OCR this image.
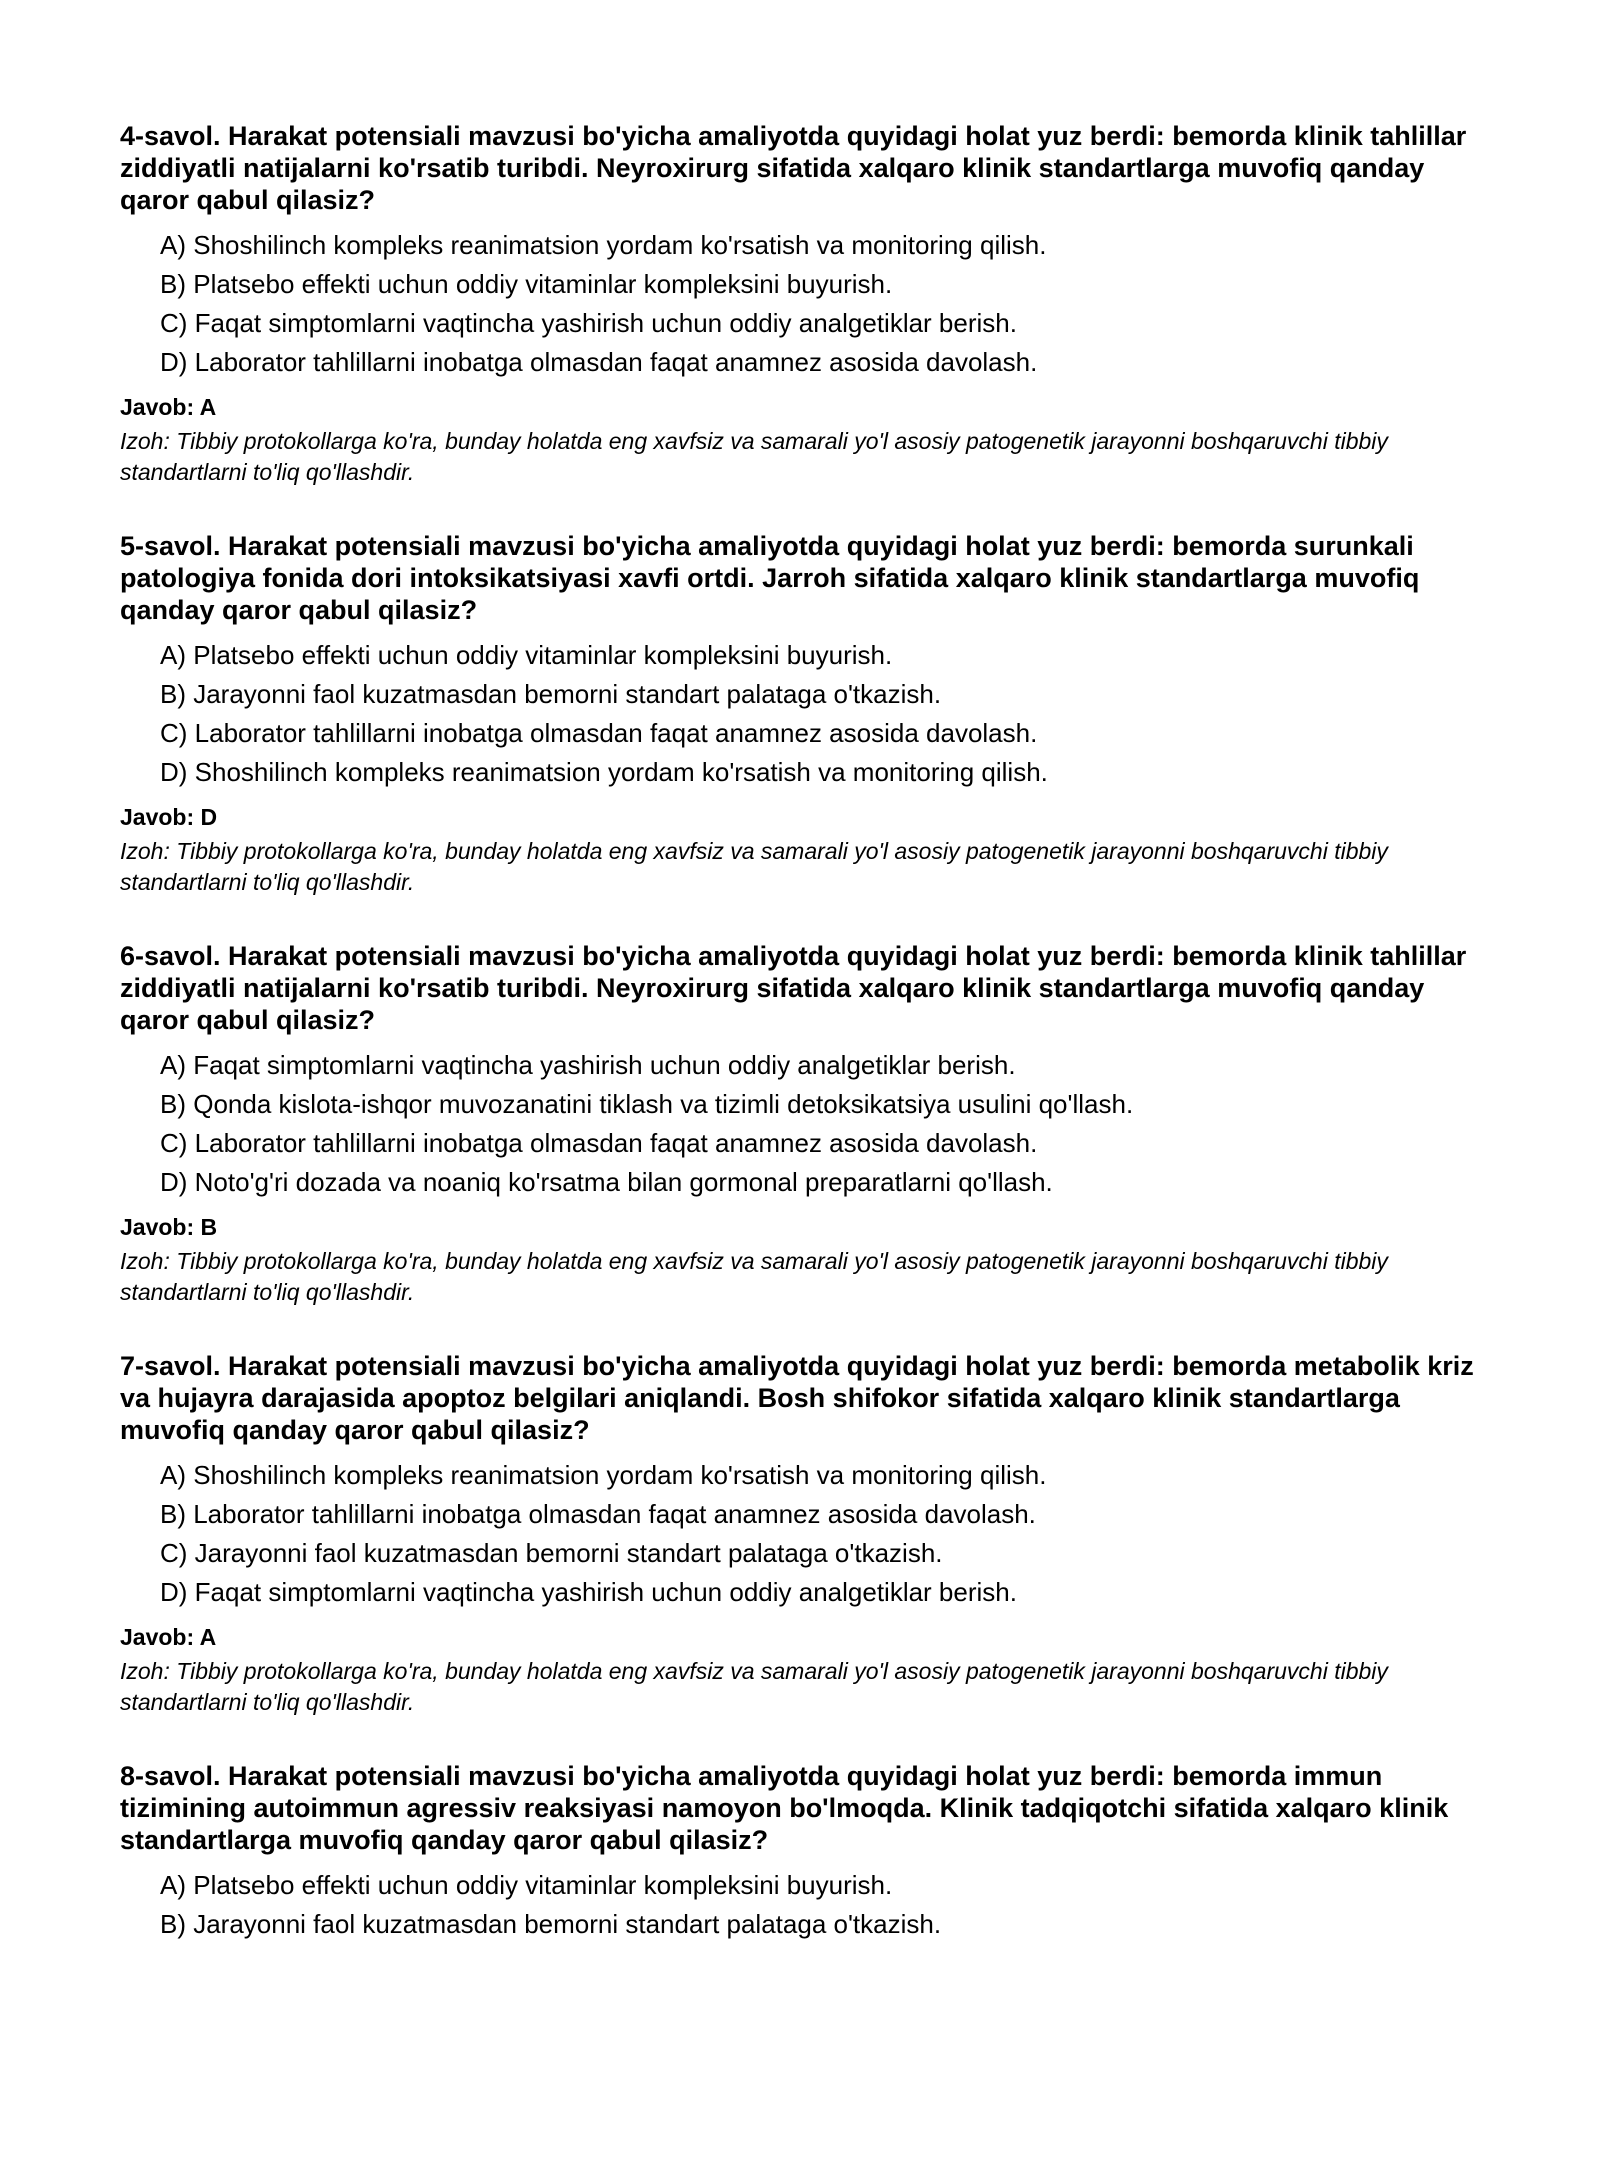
4-savol. Harakat potensiali mavzusi bo'yicha amaliyotda quyidagi holat yuz berdi: bemorda klinik tahlillar ziddiyatli natijalarni ko'rsatib turibdi. Neyroxirurg sifatida xalqaro klinik standartlarga muvofiq qanday qaror qabul qilasiz?

A) Shoshilinch kompleks reanimatsion yordam ko'rsatish va monitoring qilish.
B) Platsebo effekti uchun oddiy vitaminlar kompleksini buyurish.
C) Faqat simptomlarni vaqtincha yashirish uchun oddiy analgetiklar berish.
D) Laborator tahlillarni inobatga olmasdan faqat anamnez asosida davolash.
Javob: A
Izoh: Tibbiy protokollarga ko'ra, bunday holatda eng xavfsiz va samarali yo'l asosiy patogenetik jarayonni boshqaruvchi tibbiy standartlarni to'liq qo'llashdir.

5-savol. Harakat potensiali mavzusi bo'yicha amaliyotda quyidagi holat yuz berdi: bemorda surunkali patologiya fonida dori intoksikatsiyasi xavfi ortdi. Jarroh sifatida xalqaro klinik standartlarga muvofiq qanday qaror qabul qilasiz?

A) Platsebo effekti uchun oddiy vitaminlar kompleksini buyurish.
B) Jarayonni faol kuzatmasdan bemorni standart palataga o'tkazish.
C) Laborator tahlillarni inobatga olmasdan faqat anamnez asosida davolash.
D) Shoshilinch kompleks reanimatsion yordam ko'rsatish va monitoring qilish.
Javob: D
Izoh: Tibbiy protokollarga ko'ra, bunday holatda eng xavfsiz va samarali yo'l asosiy patogenetik jarayonni boshqaruvchi tibbiy standartlarni to'liq qo'llashdir.

6-savol. Harakat potensiali mavzusi bo'yicha amaliyotda quyidagi holat yuz berdi: bemorda klinik tahlillar ziddiyatli natijalarni ko'rsatib turibdi. Neyroxirurg sifatida xalqaro klinik standartlarga muvofiq qanday qaror qabul qilasiz?

A) Faqat simptomlarni vaqtincha yashirish uchun oddiy analgetiklar berish.
B) Qonda kislota-ishqor muvozanatini tiklash va tizimli detoksikatsiya usulini qo'llash.
C) Laborator tahlillarni inobatga olmasdan faqat anamnez asosida davolash.
D) Noto'g'ri dozada va noaniq ko'rsatma bilan gormonal preparatlarni qo'llash.
Javob: B
Izoh: Tibbiy protokollarga ko'ra, bunday holatda eng xavfsiz va samarali yo'l asosiy patogenetik jarayonni boshqaruvchi tibbiy standartlarni to'liq qo'llashdir.

7-savol. Harakat potensiali mavzusi bo'yicha amaliyotda quyidagi holat yuz berdi: bemorda metabolik kriz va hujayra darajasida apoptoz belgilari aniqlandi. Bosh shifokor sifatida xalqaro klinik standartlarga muvofiq qanday qaror qabul qilasiz?

A) Shoshilinch kompleks reanimatsion yordam ko'rsatish va monitoring qilish.
B) Laborator tahlillarni inobatga olmasdan faqat anamnez asosida davolash.
C) Jarayonni faol kuzatmasdan bemorni standart palataga o'tkazish.
D) Faqat simptomlarni vaqtincha yashirish uchun oddiy analgetiklar berish.
Javob: A
Izoh: Tibbiy protokollarga ko'ra, bunday holatda eng xavfsiz va samarali yo'l asosiy patogenetik jarayonni boshqaruvchi tibbiy standartlarni to'liq qo'llashdir.

8-savol. Harakat potensiali mavzusi bo'yicha amaliyotda quyidagi holat yuz berdi: bemorda immun tizimining autoimmun agressiv reaksiyasi namoyon bo'lmoqda. Klinik tadqiqotchi sifatida xalqaro klinik standartlarga muvofiq qanday qaror qabul qilasiz?

A) Platsebo effekti uchun oddiy vitaminlar kompleksini buyurish.
B) Jarayonni faol kuzatmasdan bemorni standart palataga o'tkazish.
